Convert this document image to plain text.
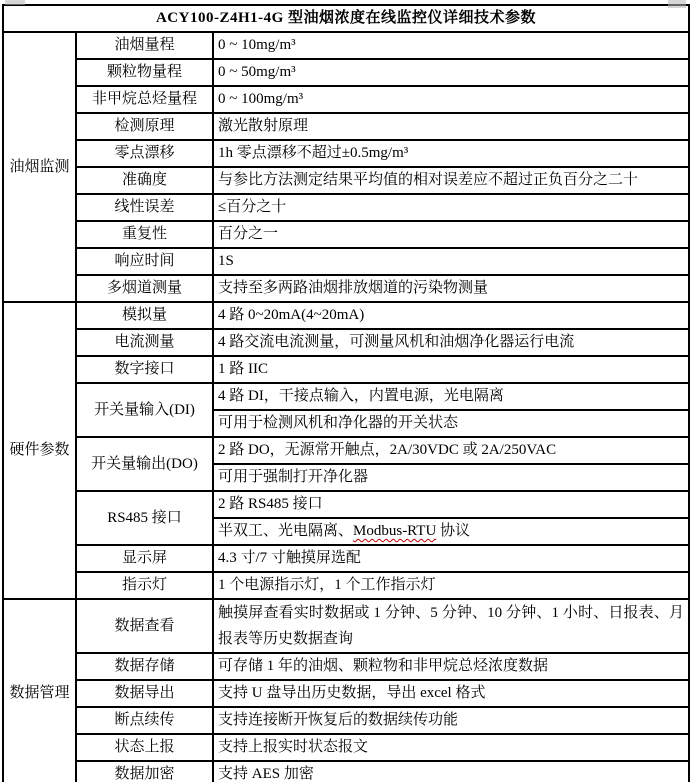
ACY100-Z4H1-4G 型油烟浓度在线监控仪详细技术参数		
油烟监测	油烟量程	0 ~ 10mg/m³
	颗粒物量程	0 ~ 50mg/m³
	非甲烷总烃量程	0 ~ 100mg/m³
	检测原理	激光散射原理
	零点漂移	1h 零点漂移不超过±0.5mg/m³
	准确度	与参比方法测定结果平均值的相对误差应不超过正负百分之二十
	线性误差	≤百分之十
	重复性	百分之一
	响应时间	1S
	多烟道测量	支持至多两路油烟排放烟道的污染物测量
硬件参数	模拟量	4 路 0~20mA(4~20mA)
	电流测量	4 路交流电流测量，可测量风机和油烟净化器运行电流
	数字接口	1 路 IIC
	开关量输入(DI)	4 路 DI，干接点输入，内置电源，光电隔离
		可用于检测风机和净化器的开关状态
	开关量输出(DO)	2 路 DO，无源常开触点，2A/30VDC 或 2A/250VAC
		可用于强制打开净化器
	RS485 接口	2 路 RS485 接口
		半双工、光电隔离、Modbus-RTU 协议
	显示屏	4.3 寸/7 寸触摸屏选配
	指示灯	1 个电源指示灯，1 个工作指示灯
数据管理	数据查看	触摸屏查看实时数据或 1 分钟、5 分钟、10 分钟、1 小时、日报表、月报表等历史数据查询
	数据存储	可存储 1 年的油烟、颗粒物和非甲烷总烃浓度数据
	数据导出	支持 U 盘导出历史数据，导出 excel 格式
	断点续传	支持连接断开恢复后的数据续传功能
	状态上报	支持上报实时状态报文
	数据加密	支持 AES 加密
